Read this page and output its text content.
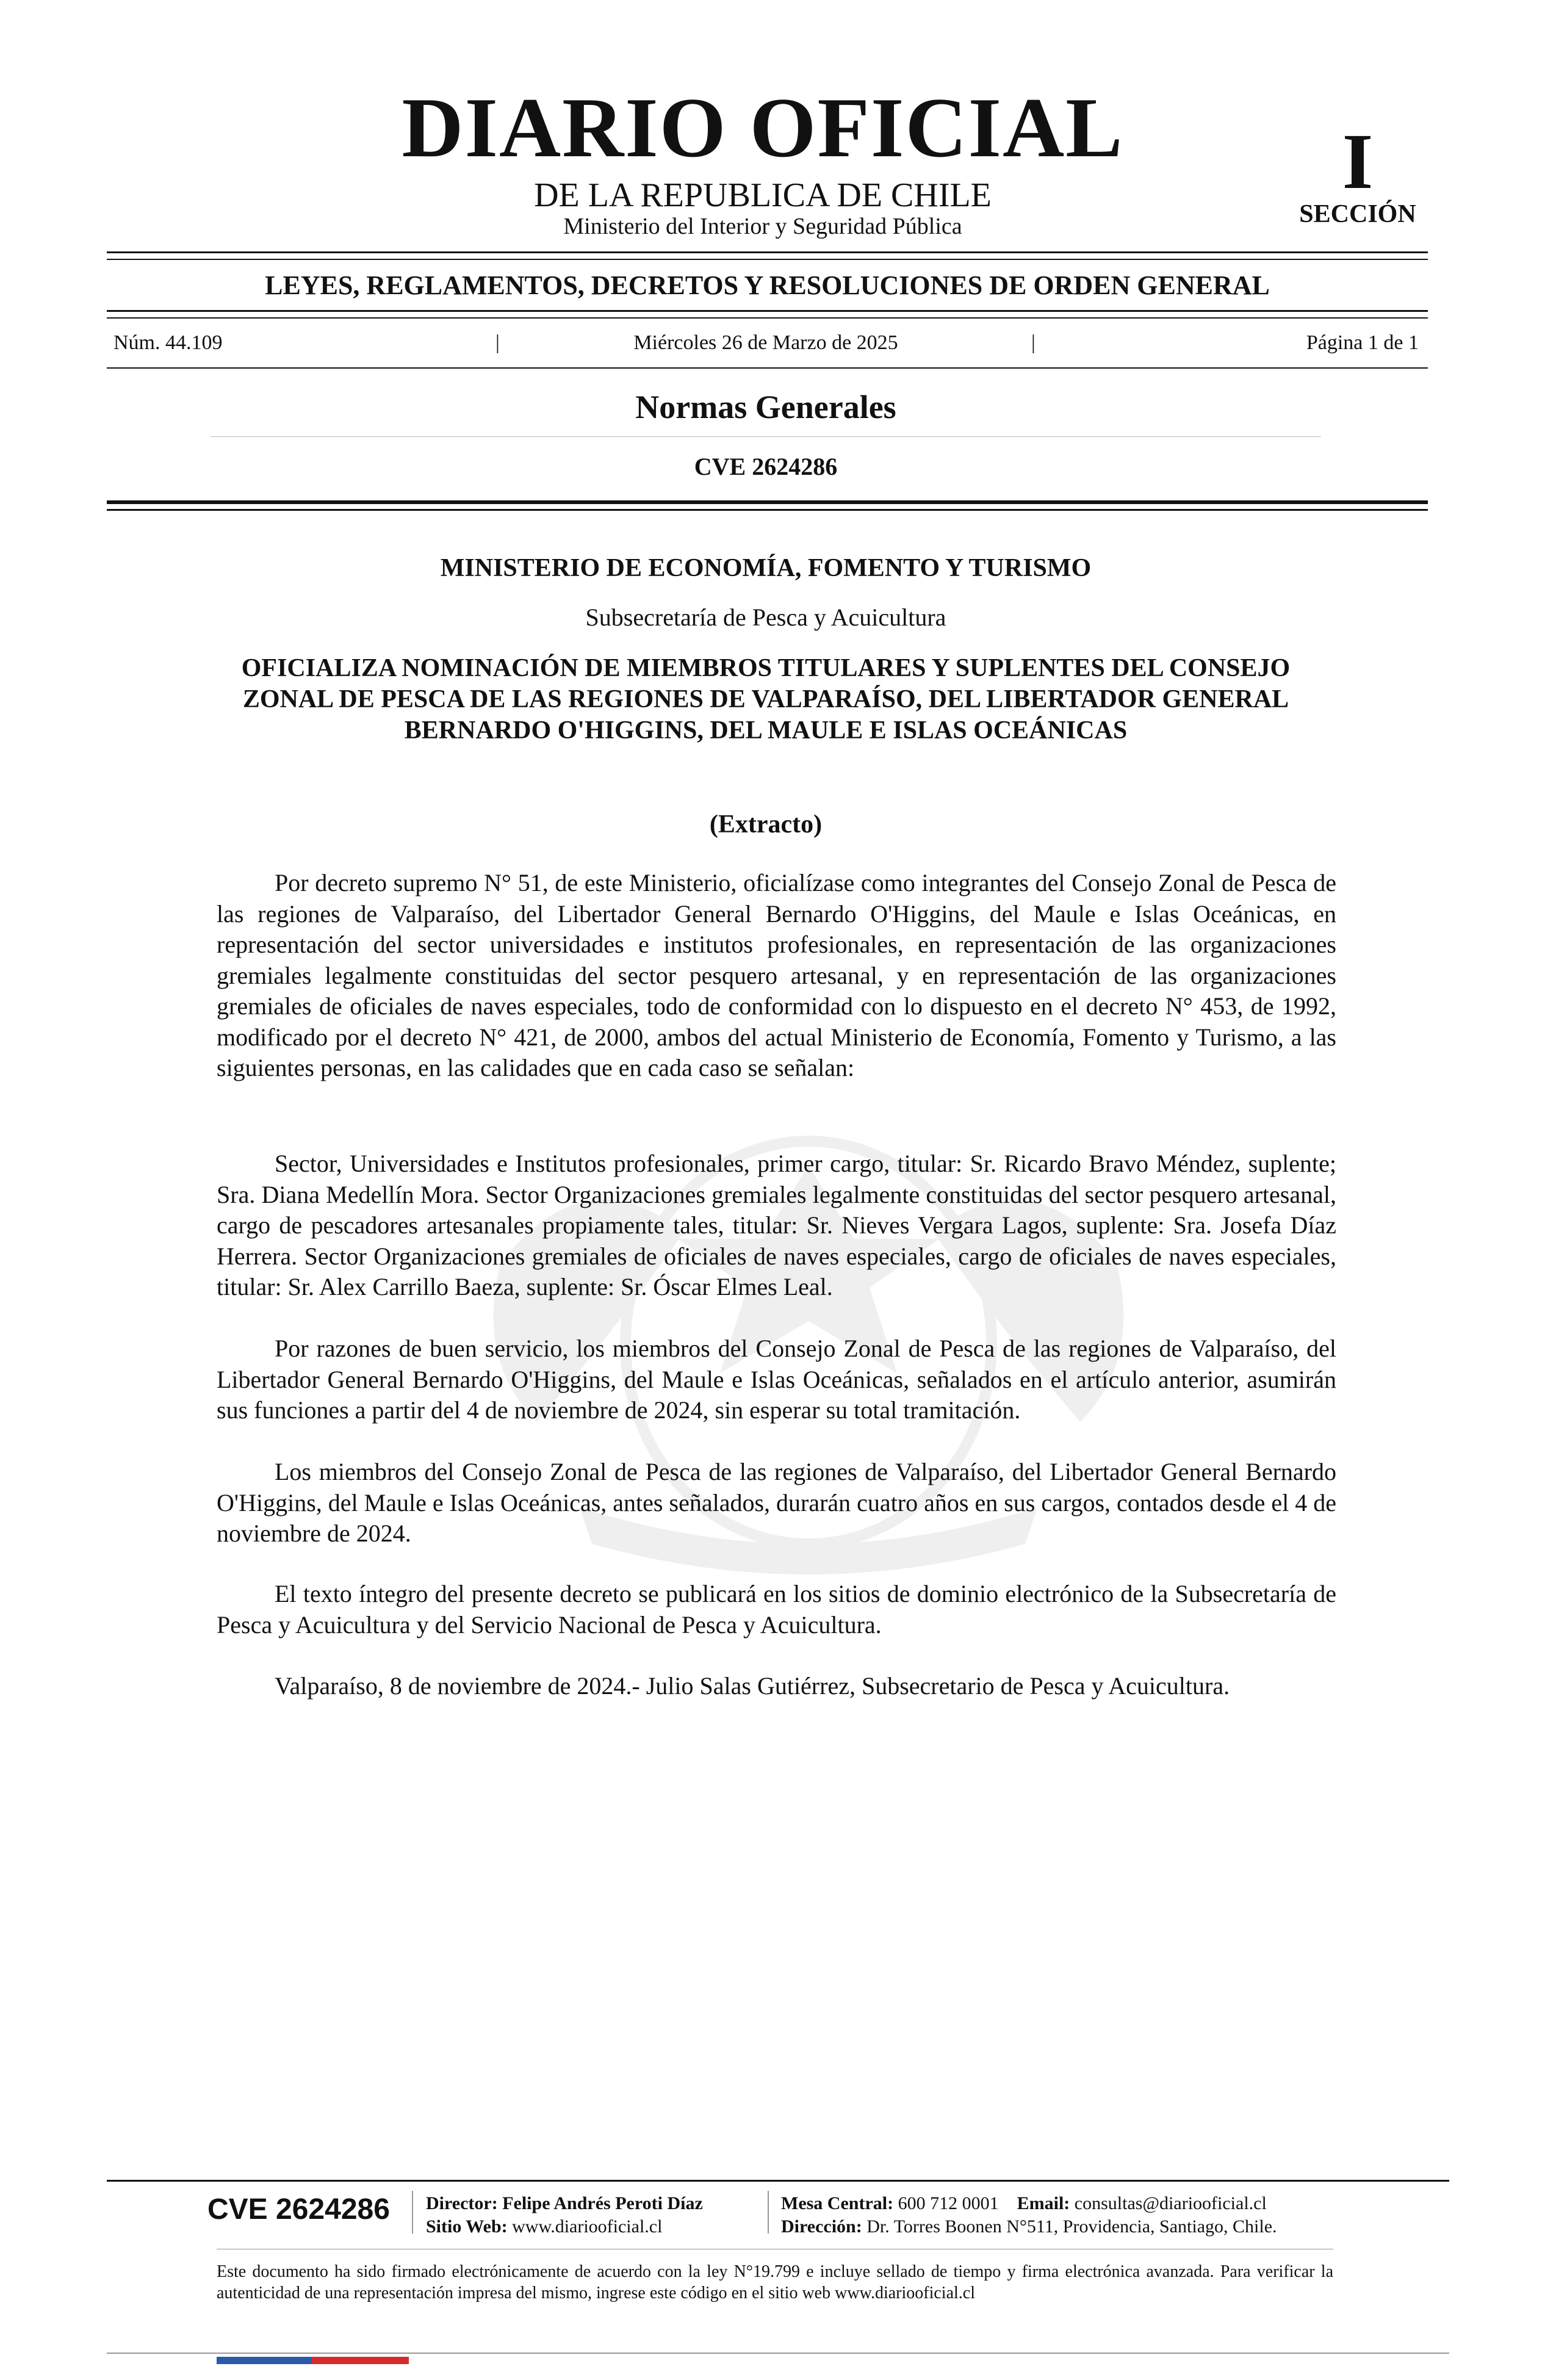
DIARIO OFICIAL
DE LA REPUBLICA DE CHILE
Ministerio del Interior y Seguridad Pública
I
SECCIÓN
LEYES, REGLAMENTOS, DECRETOS Y RESOLUCIONES DE ORDEN GENERAL
Núm. 44.109	|	Miércoles 26 de Marzo de 2025	|	Página 1 de 1
Normas Generales
CVE 2624286
MINISTERIO DE ECONOMÍA, FOMENTO Y TURISMO
Subsecretaría de Pesca y Acuicultura
OFICIALIZA NOMINACIÓN DE MIEMBROS TITULARES Y SUPLENTES DEL CONSEJO ZONAL DE PESCA DE LAS REGIONES DE VALPARAÍSO, DEL LIBERTADOR GENERAL BERNARDO O'HIGGINS, DEL MAULE E ISLAS OCEÁNICAS
(Extracto)
Por decreto supremo N° 51, de este Ministerio, oficialízase como integrantes del Consejo Zonal de Pesca de las regiones de Valparaíso, del Libertador General Bernardo O'Higgins, del Maule e Islas Oceánicas, en representación del sector universidades e institutos profesionales, en representación de las organizaciones gremiales legalmente constituidas del sector pesquero artesanal, y en representación de las organizaciones gremiales de oficiales de naves especiales, todo de conformidad con lo dispuesto en el decreto N° 453, de 1992, modificado por el decreto N° 421, de 2000, ambos del actual Ministerio de Economía, Fomento y Turismo, a las siguientes personas, en las calidades que en cada caso se señalan:
Sector, Universidades e Institutos profesionales, primer cargo, titular: Sr. Ricardo Bravo Méndez, suplente; Sra. Diana Medellín Mora. Sector Organizaciones gremiales legalmente constituidas del sector pesquero artesanal, cargo de pescadores artesanales propiamente tales, titular: Sr. Nieves Vergara Lagos, suplente: Sra. Josefa Díaz Herrera. Sector Organizaciones gremiales de oficiales de naves especiales, cargo de oficiales de naves especiales, titular: Sr. Alex Carrillo Baeza, suplente: Sr. Óscar Elmes Leal.
Por razones de buen servicio, los miembros del Consejo Zonal de Pesca de las regiones de Valparaíso, del Libertador General Bernardo O'Higgins, del Maule e Islas Oceánicas, señalados en el artículo anterior, asumirán sus funciones a partir del 4 de noviembre de 2024, sin esperar su total tramitación.
Los miembros del Consejo Zonal de Pesca de las regiones de Valparaíso, del Libertador General Bernardo O'Higgins, del Maule e Islas Oceánicas, antes señalados, durarán cuatro años en sus cargos, contados desde el 4 de noviembre de 2024.
El texto íntegro del presente decreto se publicará en los sitios de dominio electrónico de la Subsecretaría de Pesca y Acuicultura y del Servicio Nacional de Pesca y Acuicultura.
Valparaíso, 8 de noviembre de 2024.- Julio Salas Gutiérrez, Subsecretario de Pesca y Acuicultura.
CVE 2624286 Director: Felipe Andrés Peroti Díaz
Sitio Web: www.diariooficial.cl
Mesa Central: 600 712 0001 Email: consultas@diariooficial.cl
Dirección: Dr. Torres Boonen N°511, Providencia, Santiago, Chile.
Este documento ha sido firmado electrónicamente de acuerdo con la ley N°19.799 e incluye sellado de tiempo y firma electrónica avanzada. Para verificar la autenticidad de una representación impresa del mismo, ingrese este código en el sitio web www.diariooficial.cl
